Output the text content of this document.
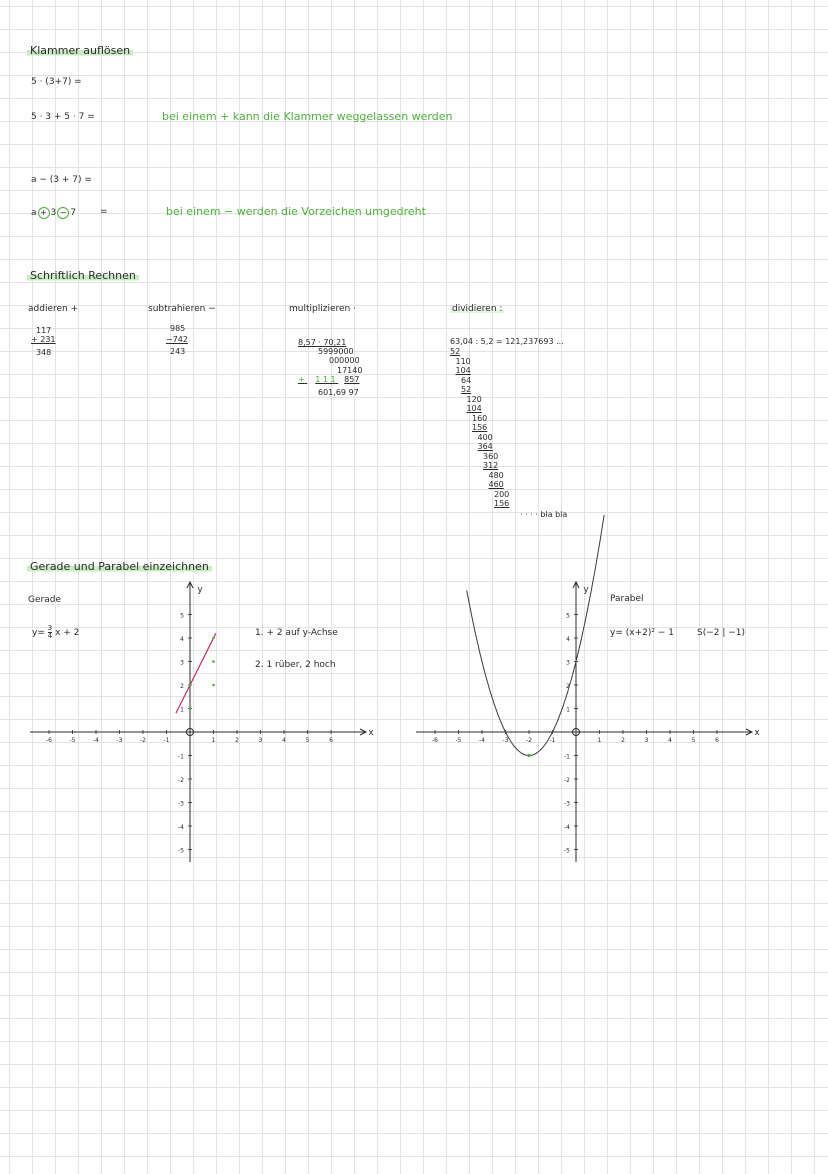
Klammer auflösen
5 · (3+7) =
5 · 3 + 5 · 7 =	bei einem + kann die Klammer weggelassen werden
a − (3 + 7) =
a + 3 − 7	=	bei einem − werden die Vorzeichen umgedreht
Schriftlich Rechnen
addieren +
117
+ 231
348
subtrahieren −
985
−742
243
multiplizieren ·
8,57 · 70,21
5999000
000000
17140
+ 1 1 1 857
601,69 97
dividieren :
63,04 : 5,2 = 121,237693 ...
52
110
104
64
52
120
104
160
156
400
364
360
312
480
460
200
156
· · · · bla bla
Gerade und Parabel einzeichnen
Gerade
$y= \frac{3}{4}$ x + 2	1. + 2 auf y-Achse
2. 1 rüber, 2 hoch
Parabel
y= (x+2)² − 1	S(−2 | −1)
x
y
-6	-5	-4	-3	-2	-1	1	2	3	4	5	6
5
4
3
2
1
-1
-2
-3
-4
-5
x
y
-6	-5	-4	-3	-2	-1	1	2	3	4	5	6
5
4
3
2
1
-1
-2
-3
-4
-5
